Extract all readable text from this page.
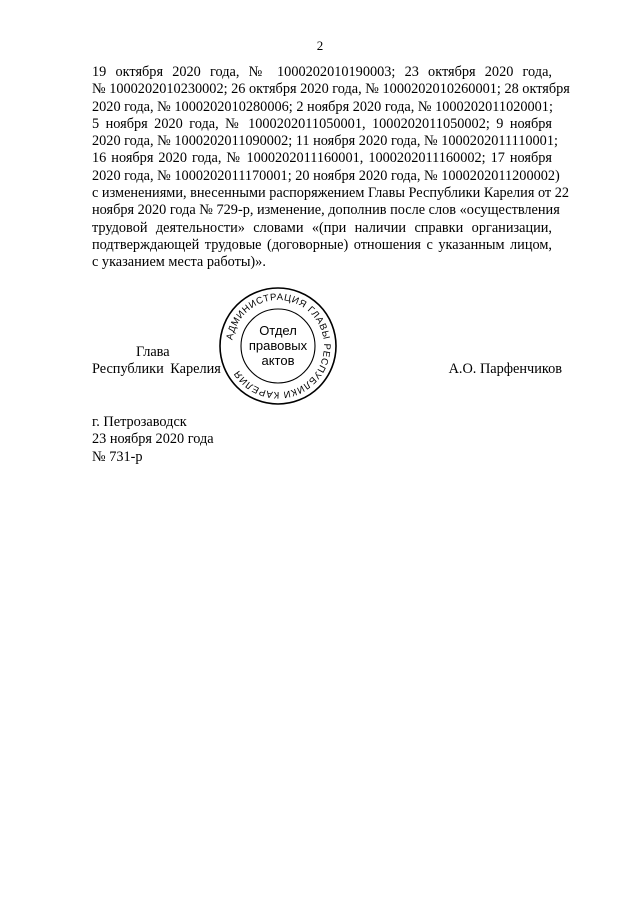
2
19 октября 2020 года, № 1000202010190003; 23 октября 2020 года,
№ 1000202010230002; 26 октября 2020 года, № 1000202010260001; 28 октября
2020 года, № 1000202010280006; 2 ноября 2020 года, № 1000202011020001;
5 ноября 2020 года, № 1000202011050001, 1000202011050002; 9 ноября
2020 года, № 1000202011090002; 11 ноября 2020 года, № 1000202011110001;
16 ноября 2020 года, № 1000202011160001, 1000202011160002; 17 ноября
2020 года, № 1000202011170001; 20 ноября 2020 года, № 1000202011200002)
с изменениями, внесенными распоряжением Главы Республики Карелия от 22
ноября 2020 года № 729-р, изменение, дополнив после слов «осуществления
трудовой деятельности» словами «(при наличии справки организации,
подтверждающей трудовые (договорные) отношения с указанным лицом,
с указанием места работы)».
Глава
Республики Карелия	А.О. Парфенчиков
АДМИНИСТРАЦИЯ ГЛАВЫ РЕСПУБЛИКИ КАРЕЛИЯ
Отдел
правовых
актов
г. Петрозаводск
23 ноября 2020 года
№ 731-р
